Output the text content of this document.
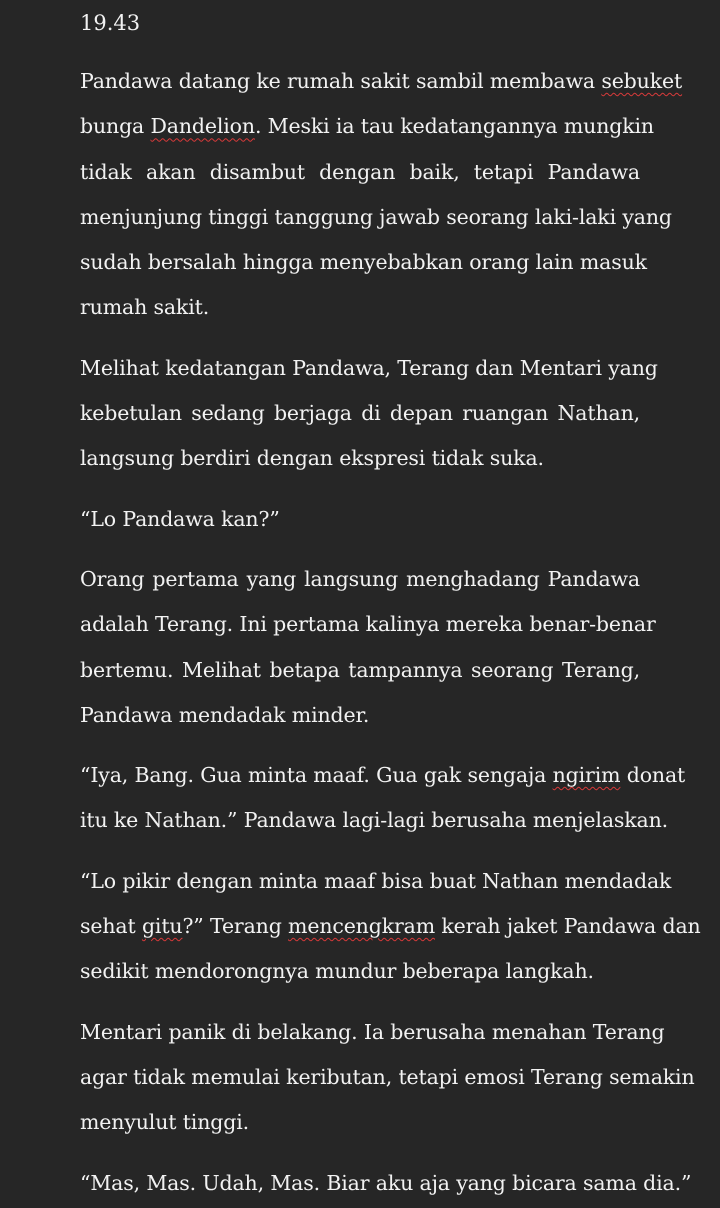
19.43

Pandawa datang ke rumah sakit sambil membawa sebuket
bunga Dandelion. Meski ia tau kedatangannya mungkin
tidak akan disambut dengan baik, tetapi Pandawa
menjunjung tinggi tanggung jawab seorang laki-laki yang
sudah bersalah hingga menyebabkan orang lain masuk
rumah sakit.

Melihat kedatangan Pandawa, Terang dan Mentari yang
kebetulan sedang berjaga di depan ruangan Nathan,
langsung berdiri dengan ekspresi tidak suka.

“Lo Pandawa kan?”

Orang pertama yang langsung menghadang Pandawa
adalah Terang. Ini pertama kalinya mereka benar-benar
bertemu. Melihat betapa tampannya seorang Terang,
Pandawa mendadak minder.

“Iya, Bang. Gua minta maaf. Gua gak sengaja ngirim donat
itu ke Nathan.” Pandawa lagi-lagi berusaha menjelaskan.

“Lo pikir dengan minta maaf bisa buat Nathan mendadak
sehat gitu?” Terang mencengkram kerah jaket Pandawa dan
sedikit mendorongnya mundur beberapa langkah.

Mentari panik di belakang. Ia berusaha menahan Terang
agar tidak memulai keributan, tetapi emosi Terang semakin
menyulut tinggi.

“Mas, Mas. Udah, Mas. Biar aku aja yang bicara sama dia.”
